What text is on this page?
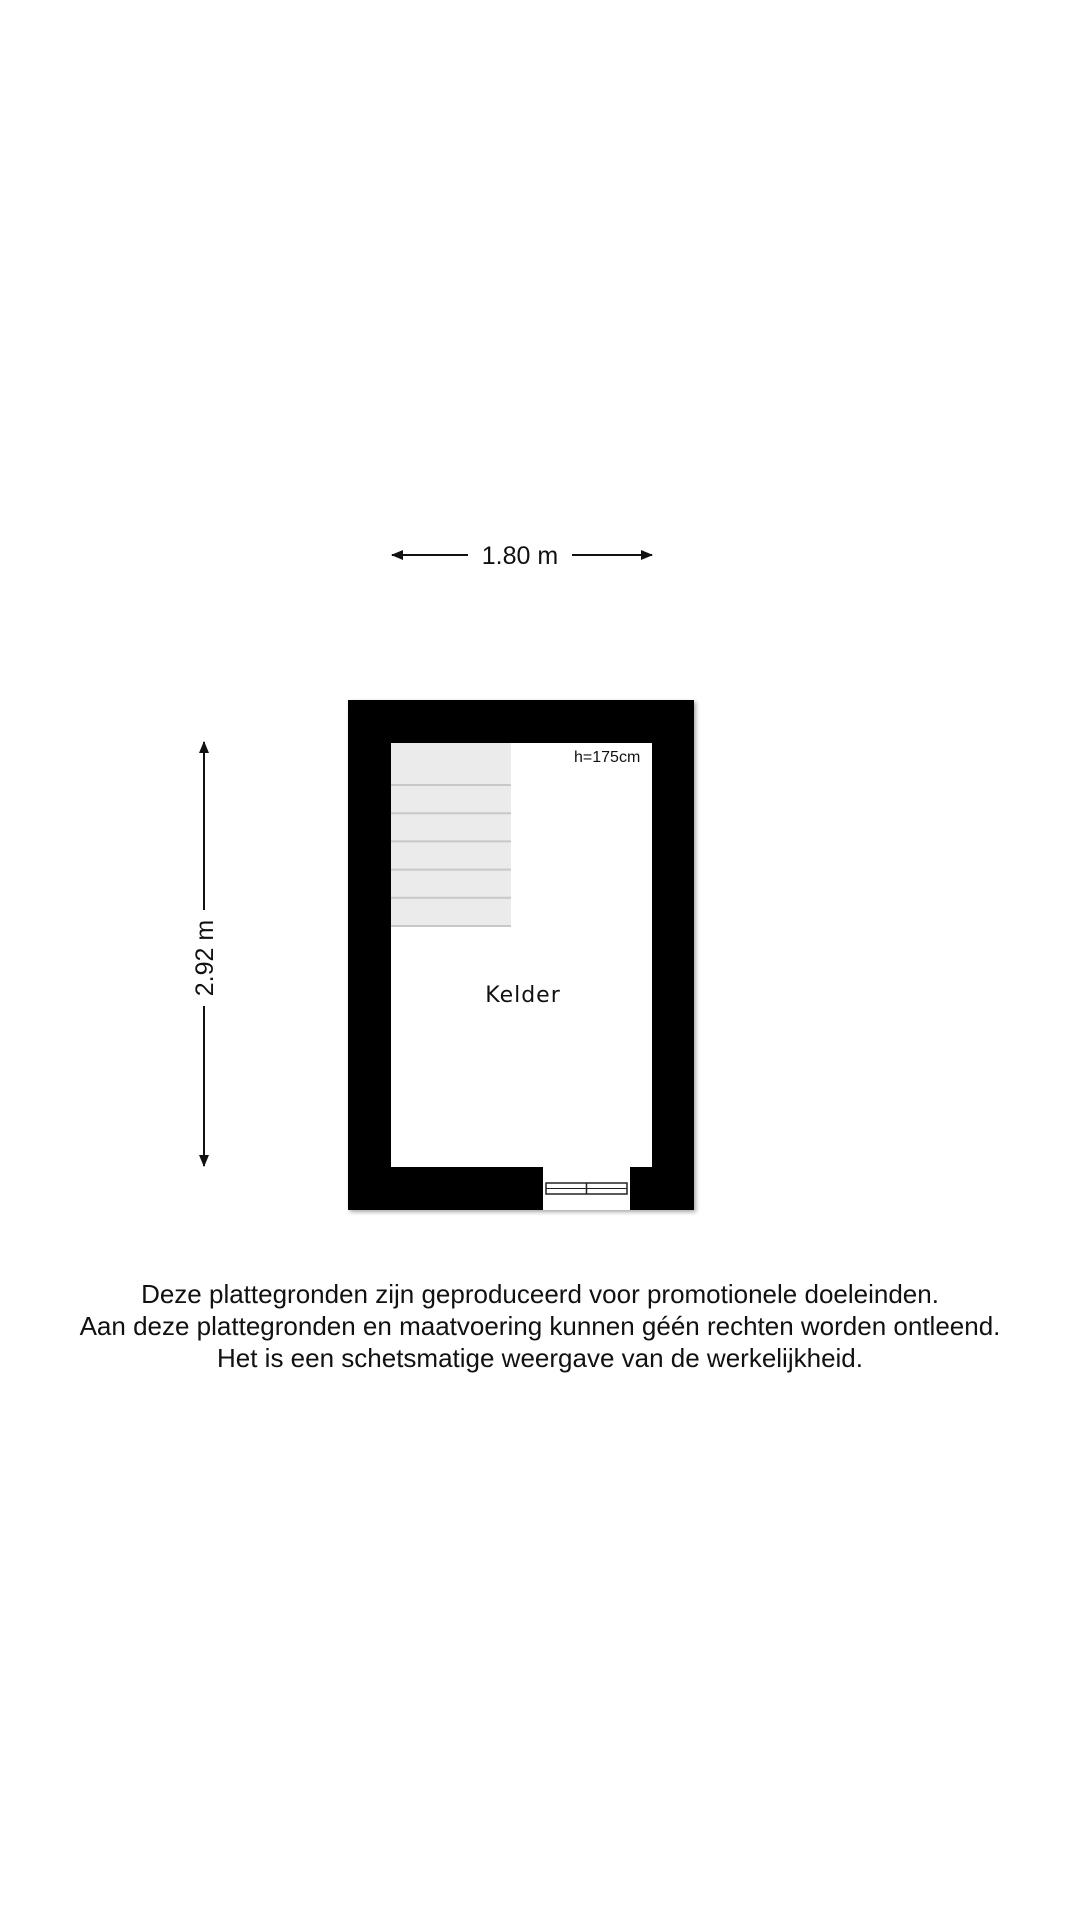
1.80 m
2.92 m
h=175cm
Kelder
Deze plattegronden zijn geproduceerd voor promotionele doeleinden.
Aan deze plattegronden en maatvoering kunnen géén rechten worden ontleend.
Het is een schetsmatige weergave van de werkelijkheid.
